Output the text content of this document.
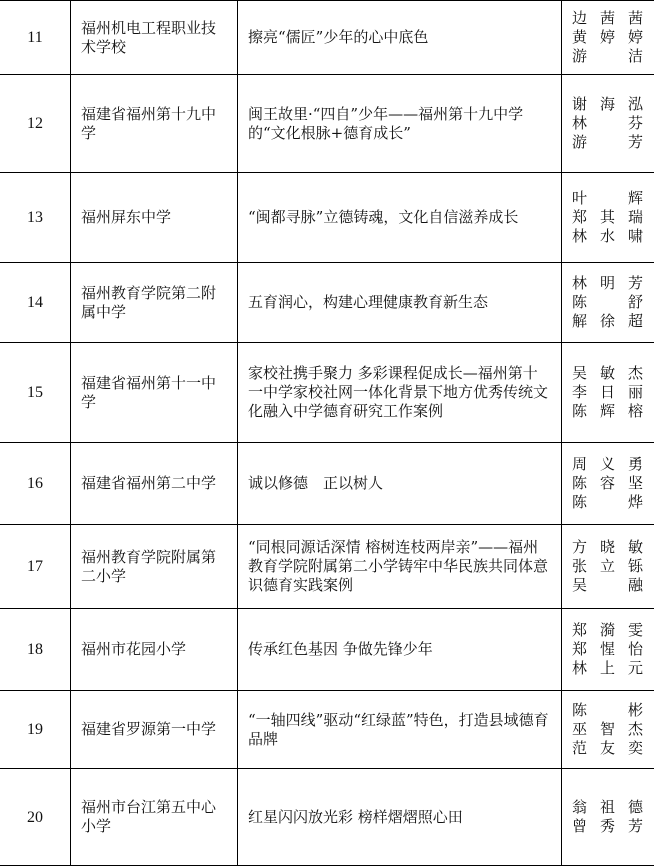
11	福州机电工程职业技术学校	擦亮“儒匠”少年的心中底色	边茜茜
黄婷婷
游　洁

12	福建省福州第十九中学	闽王故里·“四自”少年——福州第十九中学的“文化根脉+德育成长”	谢海泓
林　芬
游　芳

13	福州屏东中学	“闽都寻脉”立德铸魂，文化自信滋养成长	叶　辉
郑其瑞
林水啸

14	福州教育学院第二附属中学	五育润心，构建心理健康教育新生态	林明芳
陈　舒
解徐超

15	福建省福州第十一中学	家校社携手聚力 多彩课程促成长—福州第十一中学家校社网一体化背景下地方优秀传统文化融入中学德育研究工作案例	吴敏杰
李日丽
陈辉榕

16	福建省福州第二中学	诚以修德　正以树人	周义勇
陈容坚
陈　烨

17	福州教育学院附属第二小学	“同根同源话深情 榕树连枝两岸亲”——福州教育学院附属第二小学铸牢中华民族共同体意识德育实践案例	方晓敏
张立铄
吴　融

18	福州市花园小学	传承红色基因 争做先锋少年	郑漪雯
郑惺怡
林上元

19	福建省罗源第一中学	“一轴四线”驱动“红绿蓝”特色，打造县域德育品牌	陈　彬
巫智杰
范友奕

20	福州市台江第五中心小学	红星闪闪放光彩 榜样熠熠照心田	翁祖德
曾秀芳
